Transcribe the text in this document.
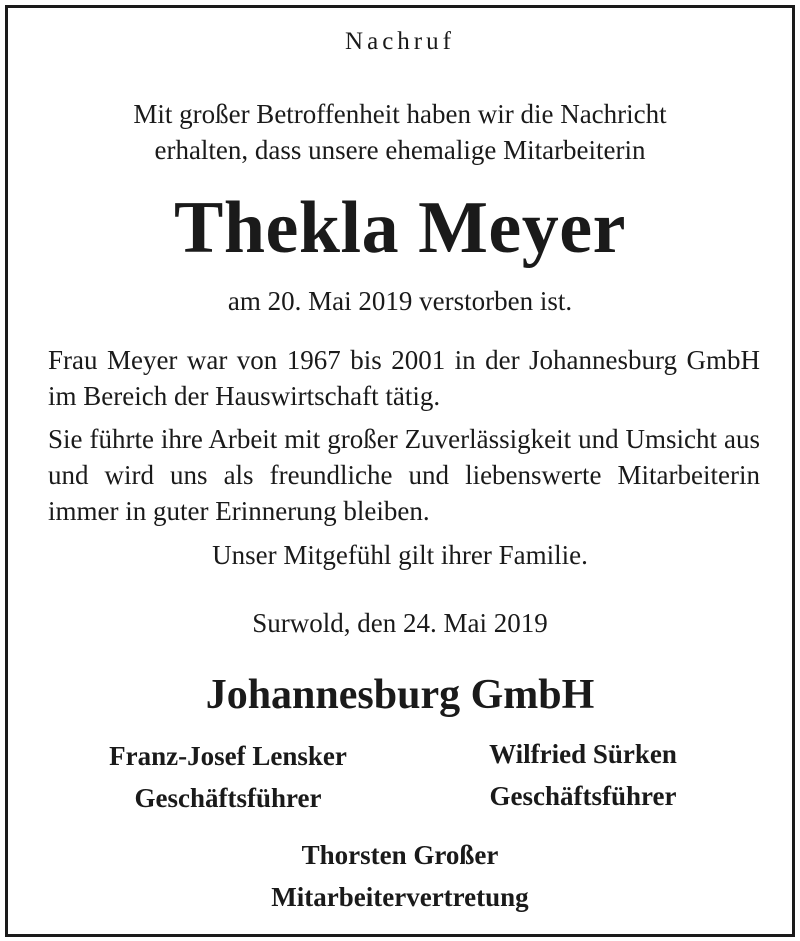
Nachruf
Mit großer Betroffenheit haben wir die Nachricht
erhalten, dass unsere ehemalige Mitarbeiterin
Thekla Meyer
am 20. Mai 2019 verstorben ist.
Frau Meyer war von 1967 bis 2001 in der Johannesburg GmbH im Bereich der Hauswirtschaft tätig.
Sie führte ihre Arbeit mit großer Zuverlässigkeit und Umsicht aus und wird uns als freundliche und liebenswerte Mitarbeiterin immer in guter Erinnerung bleiben.
Unser Mitgefühl gilt ihrer Familie.
Surwold, den 24. Mai 2019
Johannesburg GmbH
Franz-Josef Lensker
Geschäftsführer
Wilfried Sürken
Geschäftsführer
Thorsten Großer
Mitarbeitervertretung
